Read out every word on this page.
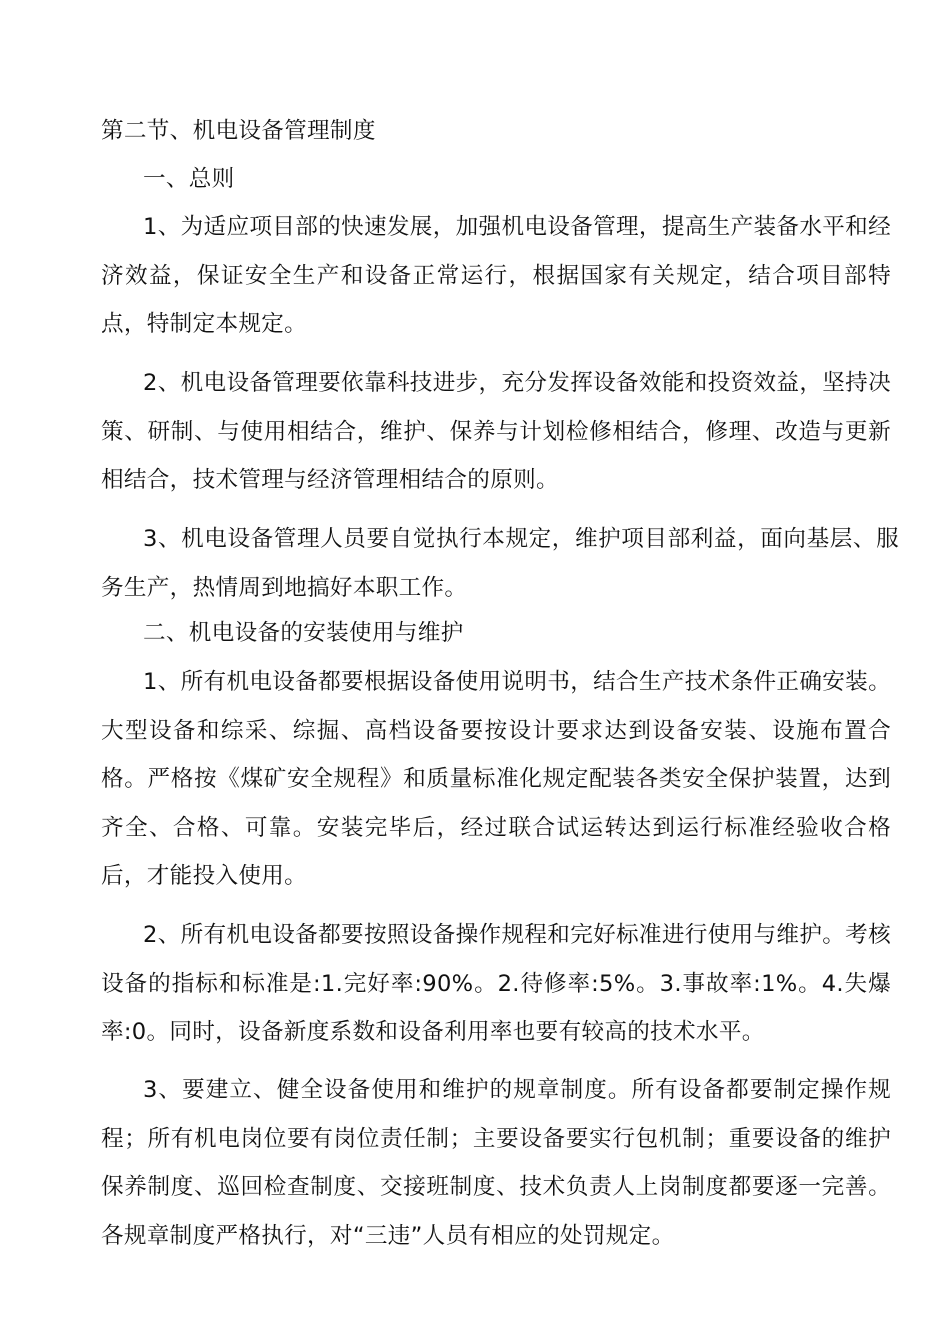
第二节、机电设备管理制度

一、总则

1、为适应项目部的快速发展，加强机电设备管理，提高生产装备水平和经济效益，保证安全生产和设备正常运行，根据国家有关规定，结合项目部特点，特制定本规定。

2、机电设备管理要依靠科技进步，充分发挥设备效能和投资效益，坚持决策、研制、与使用相结合，维护、保养与计划检修相结合，修理、改造与更新相结合，技术管理与经济管理相结合的原则。

3、机电设备管理人员要自觉执行本规定，维护项目部利益，面向基层、服务生产，热情周到地搞好本职工作。

二、机电设备的安装使用与维护

1、所有机电设备都要根据设备使用说明书，结合生产技术条件正确安装。大型设备和综采、综掘、高档设备要按设计要求达到设备安装、设施布置合格。严格按《煤矿安全规程》和质量标准化规定配装各类安全保护装置，达到齐全、合格、可靠。安装完毕后，经过联合试运转达到运行标准经验收合格后，才能投入使用。

2、所有机电设备都要按照设备操作规程和完好标准进行使用与维护。考核设备的指标和标准是:1.完好率:90%。2.待修率:5%。3.事故率:1%。4.失爆率:0。同时，设备新度系数和设备利用率也要有较高的技术水平。

3、要建立、健全设备使用和维护的规章制度。所有设备都要制定操作规程；所有机电岗位要有岗位责任制；主要设备要实行包机制；重要设备的维护保养制度、巡回检查制度、交接班制度、技术负责人上岗制度都要逐一完善。各规章制度严格执行，对“三违”人员有相应的处罚规定。
